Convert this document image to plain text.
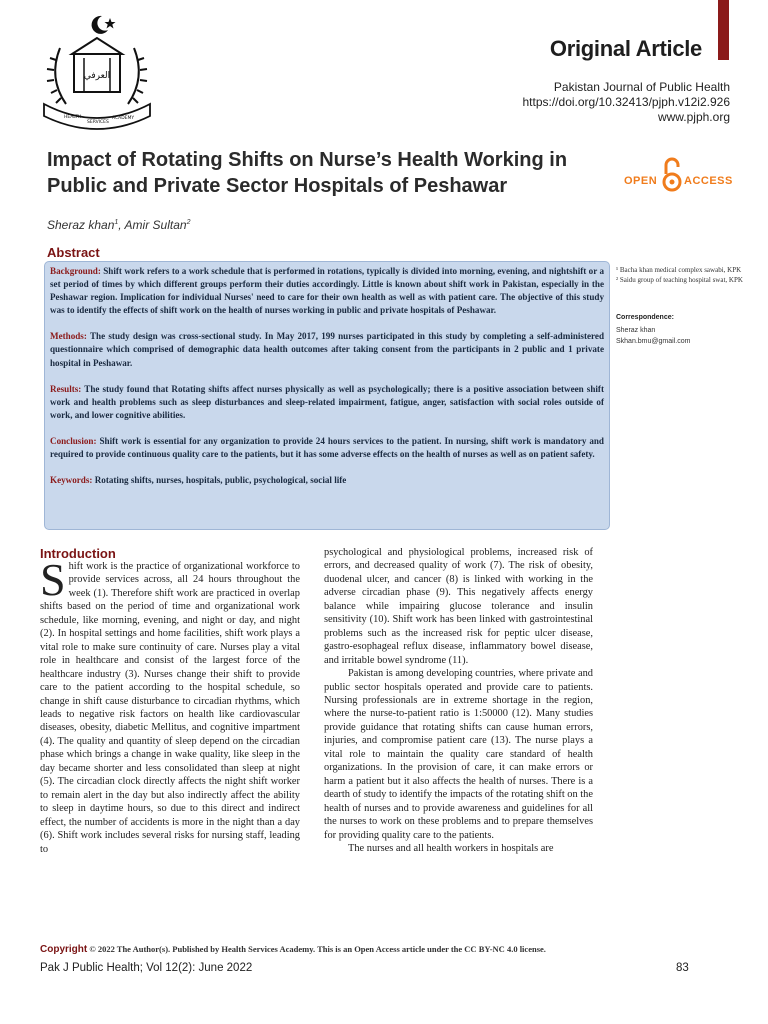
العرفي
HEALTH
SERVICES
ACADEMY
Original Article
Pakistan Journal of Public Health
https://doi.org/10.32413/pjph.v12i2.926
www.pjph.org
Impact of Rotating Shifts on Nurse’s Health Working in Public and Private Sector Hospitals of Peshawar	OPEN ACCESS
Sheraz khan$^1$, Amir Sultan$^2$
Abstract

Background: Shift work refers to a work schedule that is performed in rotations, typically is divided into morning, evening, and nightshift or a set period of times by which different groups perform their duties accordingly. Little is known about shift work in Pakistan, especially in the Peshawar region. Implication for individual Nurses' need to care for their own health as well as with patient care. The objective of this study was to identify the effects of shift work on the health of nurses working in public and private hospitals of Peshawar.

Methods: The study design was cross-sectional study. In May 2017, 199 nurses participated in this study by completing a self-administered questionnaire which comprised of demographic data health outcomes after taking consent from the participants in 2 public and 1 private hospital in Peshawar.

Results: The study found that Rotating shifts affect nurses physically as well as psychologically; there is a positive association between shift work and health problems such as sleep disturbances and sleep-related impairment, fatigue, anger, satisfaction with social roles outside of work, and lower cognitive abilities.

Conclusion: Shift work is essential for any organization to provide 24 hours services to the patient. In nursing, shift work is mandatory and required to provide continuous quality care to the patients, but it has some adverse effects on the health of nurses as well as on patient safety.

Keywords: Rotating shifts, nurses, hospitals, public, psychological, social life

¹ Bacha khan medical complex sawabi, KPK
² Saidu group of teaching hospital swat, KPK
Correspondence:
Sheraz khan
Skhan.bmu@gmail.com
Introduction

Shift work is the practice of organizational workforce to provide services across, all 24 hours throughout the week (1). Therefore shift work are practiced in overlap shifts based on the period of time and organizational work schedule, like morning, evening, and night or day, and night (2). In hospital settings and home facilities, shift work plays a vital role to make sure continuity of care. Nurses play a vital role in healthcare and consist of the largest force of the healthcare industry (3). Nurses change their shift to provide care to the patient according to the hospital schedule, so change in shift cause disturbance to circadian rhythms, which leads to negative risk factors on health like cardiovascular diseases, obesity, diabetic Mellitus, and cognitive impartment (4). The quality and quantity of sleep depend on the circadian phase which brings a change in wake quality, like sleep in the day became shorter and less consolidated than sleep at night (5). The circadian clock directly affects the night shift worker to remain alert in the day but also indirectly affect the ability to sleep in daytime hours, so due to this direct and indirect effect, the number of accidents is more in the night than a day (6). Shift work includes several risks for nursing staff, leading to

psychological and physiological problems, increased risk of errors, and decreased quality of work (7). The risk of obesity, duodenal ulcer, and cancer (8) is linked with working in the adverse circadian phase (9). This negatively affects energy balance while impairing glucose tolerance and insulin sensitivity (10). Shift work has been linked with gastrointestinal problems such as the increased risk for peptic ulcer disease, gastro-esophageal reflux disease, inflammatory bowel disease, and irritable bowel syndrome (11).

Pakistan is among developing countries, where private and public sector hospitals operated and provide care to patients. Nursing professionals are in extreme shortage in the region, where the nurse-to-patient ratio is 1:50000 (12). Many studies provide guidance that rotating shifts can cause human errors, injuries, and compromise patient care (13). The nurse plays a vital role to maintain the quality care standard of health organizations. In the provision of care, it can make errors or harm a patient but it also affects the health of nurses. There is a dearth of study to identify the impacts of the rotating shift on the health of nurses and to provide awareness and guidelines for all the nurses to work on these problems and to prepare themselves for providing quality care to the patients.

The nurses and all health workers in hospitals are

Copyright © 2022 The Author(s). Published by Health Services Academy. This is an Open Access article under the CC BY-NC 4.0 license.
Pak J Public Health; Vol 12(2): June 2022	83
